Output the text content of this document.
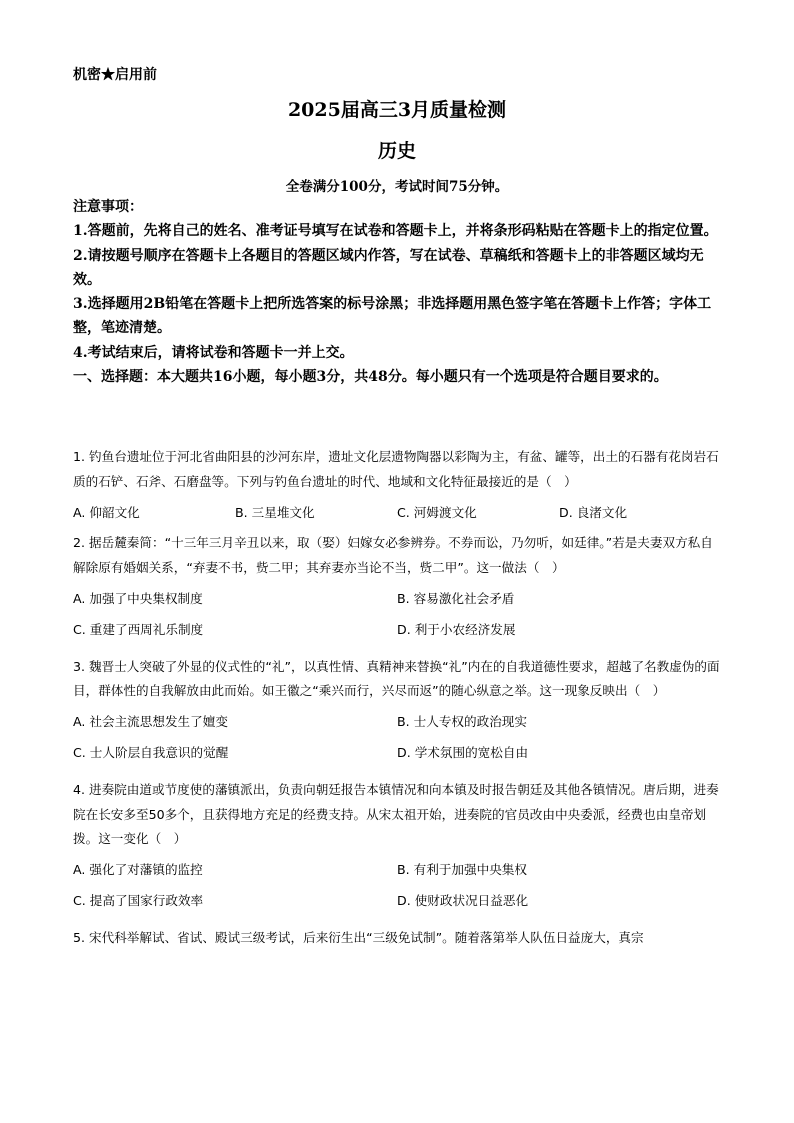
机密★启用前
2025届高三3月质量检测
历史
全卷满分100分，考试时间75分钟。

注意事项：

1.答题前，先将自己的姓名、准考证号填写在试卷和答题卡上，并将条形码粘贴在答题卡上的指定位置。

2.请按题号顺序在答题卡上各题目的答题区域内作答，写在试卷、草稿纸和答题卡上的非答题区域均无效。

3.选择题用2B铅笔在答题卡上把所选答案的标号涂黑；非选择题用黑色签字笔在答题卡上作答；字体工整，笔迹清楚。

4.考试结束后，请将试卷和答题卡一并上交。

一、选择题：本大题共16小题，每小题3分，共48分。每小题只有一个选项是符合题目要求的。

1. 钓鱼台遗址位于河北省曲阳县的沙河东岸，遗址文化层遗物陶器以彩陶为主，有盆、罐等，出土的石器有花岗岩石质的石铲、石斧、石磨盘等。下列与钓鱼台遗址的时代、地域和文化特征最接近的是（　）

A. 仰韶文化	B. 三星堆文化	C. 河姆渡文化	D. 良渚文化

2. 据岳麓秦简：“十三年三月辛丑以来，取（娶）妇嫁女必参辨券。不券而讼，乃勿听，如廷律。”若是夫妻双方私自解除原有婚姻关系，“弃妻不书，赀二甲；其弃妻亦当论不当，赀二甲”。这一做法（　）

A. 加强了中央集权制度	B. 容易激化社会矛盾
C. 重建了西周礼乐制度	D. 利于小农经济发展

3. 魏晋士人突破了外显的仪式性的“礼”，以真性情、真精神来替换“礼”内在的自我道德性要求，超越了名教虚伪的面目，群体性的自我解放由此而始。如王徽之“乘兴而行，兴尽而返”的随心纵意之举。这一现象反映出（　）

A. 社会主流思想发生了嬗变	B. 士人专权的政治现实
C. 士人阶层自我意识的觉醒	D. 学术氛围的宽松自由

4. 进奏院由道或节度使的藩镇派出，负责向朝廷报告本镇情况和向本镇及时报告朝廷及其他各镇情况。唐后期，进奏院在长安多至50多个，且获得地方充足的经费支持。从宋太祖开始，进奏院的官员改由中央委派，经费也由皇帝划拨。这一变化（　）

A. 强化了对藩镇的监控	B. 有利于加强中央集权
C. 提高了国家行政效率	D. 使财政状况日益恶化

5. 宋代科举解试、省试、殿试三级考试，后来衍生出“三级免试制”。随着落第举人队伍日益庞大，真宗
